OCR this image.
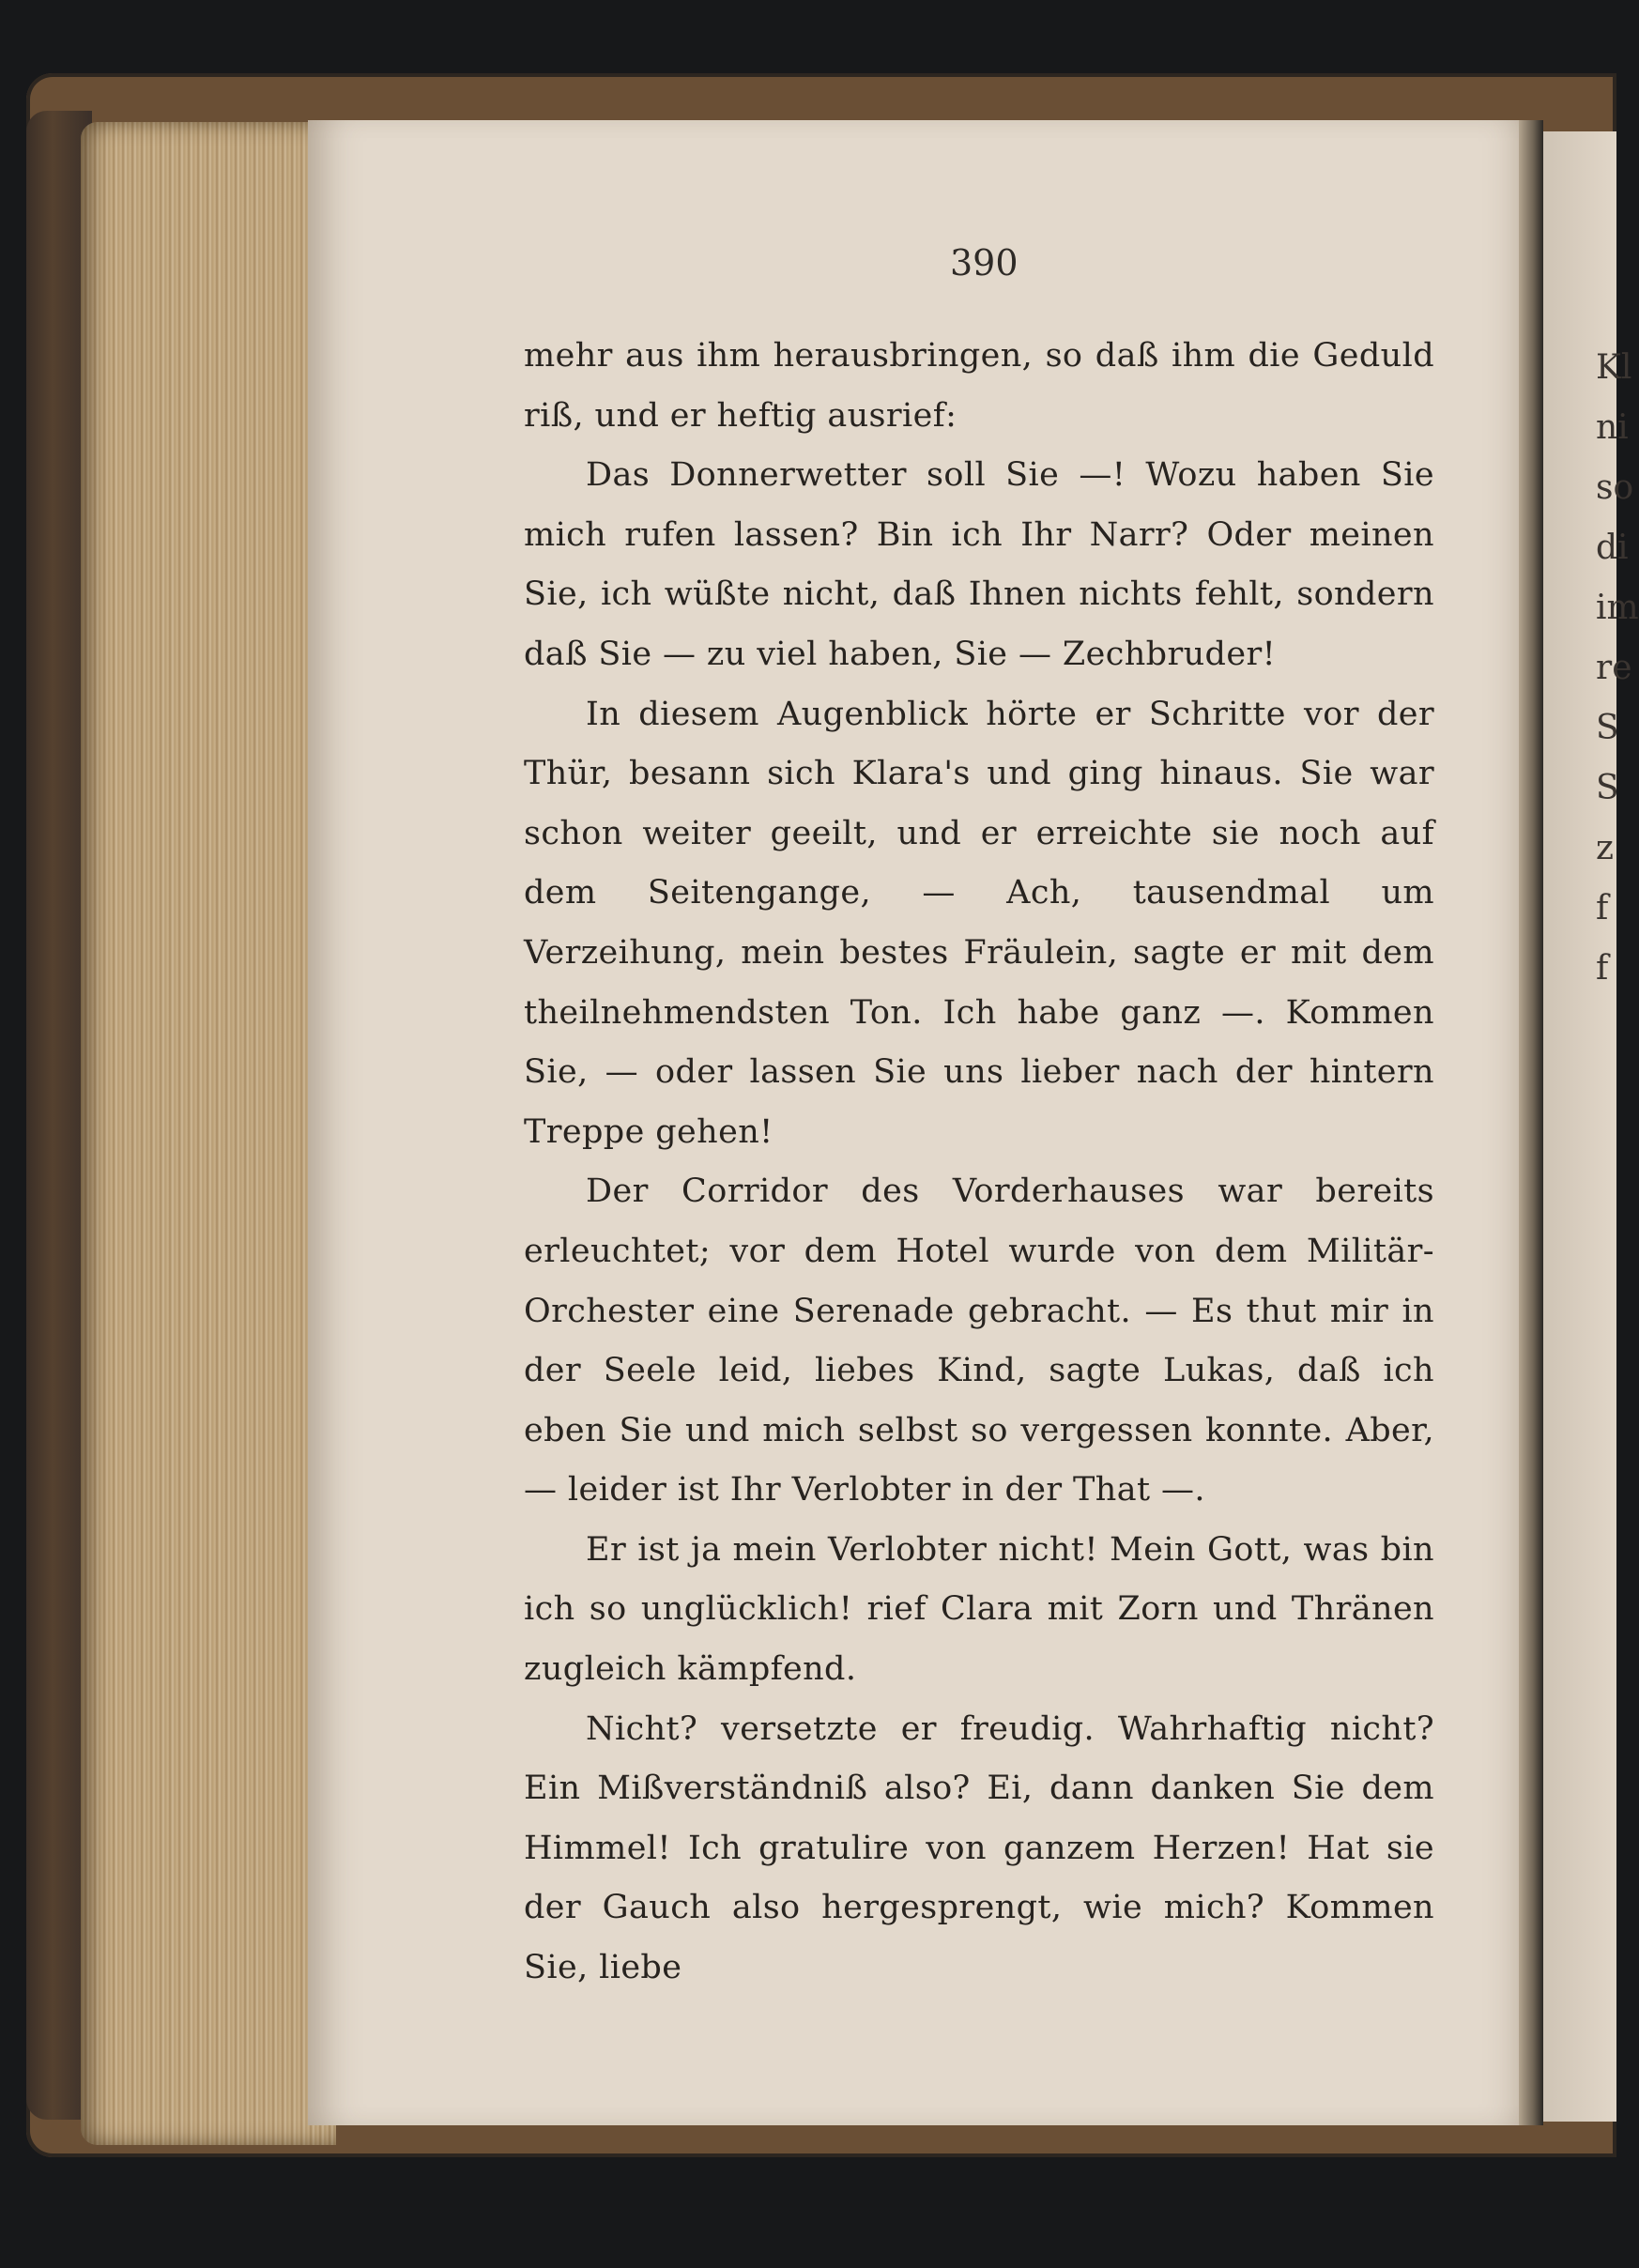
Kl
ni
so
di
im
re
S
S
z
f
f
390

mehr aus ihm herausbringen, so daß ihm die Geduld riß, und er heftig ausrief:

Das Donnerwetter soll Sie —! Wozu haben Sie mich rufen lassen? Bin ich Ihr Narr? Oder meinen Sie, ich wüßte nicht, daß Ihnen nichts fehlt, sondern daß Sie — zu viel haben, Sie — Zechbruder!

In diesem Augenblick hörte er Schritte vor der Thür, besann sich Klara's und ging hinaus. Sie war schon weiter geeilt, und er erreichte sie noch auf dem Seitengange, — Ach, tausendmal um Verzeihung, mein bestes Fräulein, sagte er mit dem theilnehmendsten Ton. Ich habe ganz —. Kommen Sie, — oder lassen Sie uns lieber nach der hintern Treppe gehen!

Der Corridor des Vorderhauses war bereits erleuchtet; vor dem Hotel wurde von dem Militär-Orchester eine Serenade gebracht. — Es thut mir in der Seele leid, liebes Kind, sagte Lukas, daß ich eben Sie und mich selbst so vergessen konnte. Aber, — leider ist Ihr Verlobter in der That —.

Er ist ja mein Verlobter nicht! Mein Gott, was bin ich so unglücklich! rief Clara mit Zorn und Thränen zugleich kämpfend.

Nicht? versetzte er freudig. Wahrhaftig nicht? Ein Mißverständniß also? Ei, dann danken Sie dem Himmel! Ich gratulire von ganzem Herzen! Hat sie der Gauch also hergesprengt, wie mich? Kommen Sie, liebe
